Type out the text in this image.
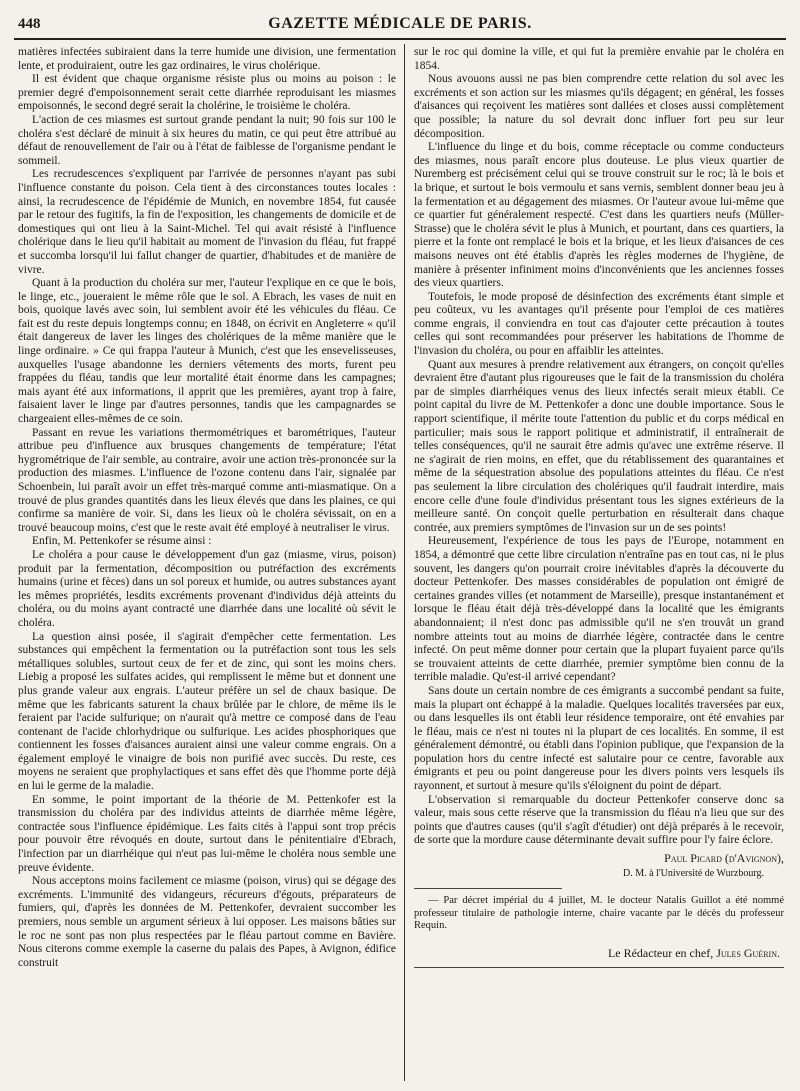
448	GAZETTE MÉDICALE DE PARIS.

matières infectées subiraient dans la terre humide une division, une fermentation lente, et produiraient, outre les gaz ordinaires, le virus cholérique.

Il est évident que chaque organisme résiste plus ou moins au poison : le premier degré d'empoisonnement serait cette diarrhée reproduisant les miasmes empoisonnés, le second degré serait la cholérine, le troisième le choléra.

L'action de ces miasmes est surtout grande pendant la nuit; 90 fois sur 100 le choléra s'est déclaré de minuit à six heures du matin, ce qui peut être attribué au défaut de renouvellement de l'air ou à l'état de faiblesse de l'organisme pendant le sommeil.

Les recrudescences s'expliquent par l'arrivée de personnes n'ayant pas subi l'influence constante du poison. Cela tient à des circonstances toutes locales : ainsi, la recrudescence de l'épidémie de Munich, en novembre 1854, fut causée par le retour des fugitifs, la fin de l'exposition, les changements de domicile et de domestiques qui ont lieu à la Saint-Michel. Tel qui avait résisté à l'influence cholérique dans le lieu qu'il habitait au moment de l'invasion du fléau, fut frappé et succomba lorsqu'il lui fallut changer de quartier, d'habitudes et de manière de vivre.

Quant à la production du choléra sur mer, l'auteur l'explique en ce que le bois, le linge, etc., joueraient le même rôle que le sol. A Ebrach, les vases de nuit en bois, quoique lavés avec soin, lui semblent avoir été les véhicules du fléau. Ce fait est du reste depuis longtemps connu; en 1848, on écrivit en Angleterre « qu'il était dangereux de laver les linges des cholériques de la même manière que le linge ordinaire. » Ce qui frappa l'auteur à Munich, c'est que les ensevelisseuses, auxquelles l'usage abandonne les derniers vêtements des morts, furent peu frappées du fléau, tandis que leur mortalité était énorme dans les campagnes; mais ayant été aux informations, il apprit que les premières, ayant trop à faire, faisaient laver le linge par d'autres personnes, tandis que les campagnardes se chargeaient elles-mêmes de ce soin.

Passant en revue les variations thermométriques et barométriques, l'auteur attribue peu d'influence aux brusques changements de température; l'état hygrométrique de l'air semble, au contraire, avoir une action très-prononcée sur la production des miasmes. L'influence de l'ozone contenu dans l'air, signalée par Schoenbein, lui paraît avoir un effet très-marqué comme anti-miasmatique. On a trouvé de plus grandes quantités dans les lieux élevés que dans les plaines, ce qui confirme sa manière de voir. Si, dans les lieux où le choléra sévissait, on en a trouvé beaucoup moins, c'est que le reste avait été employé à neutraliser le virus.

Enfin, M. Pettenkofer se résume ainsi :

Le choléra a pour cause le développement d'un gaz (miasme, virus, poison) produit par la fermentation, décomposition ou putréfaction des excréments humains (urine et fèces) dans un sol poreux et humide, ou autres substances ayant les mêmes propriétés, lesdits excréments provenant d'individus déjà atteints du choléra, ou du moins ayant contracté une diarrhée dans une localité où sévit le choléra.

La question ainsi posée, il s'agirait d'empêcher cette fermentation. Les substances qui empêchent la fermentation ou la putréfaction sont tous les sels métalliques solubles, surtout ceux de fer et de zinc, qui sont les moins chers. Liebig a proposé les sulfates acides, qui remplissent le même but et donnent une plus grande valeur aux engrais. L'auteur préfère un sel de chaux basique. De même que les fabricants saturent la chaux brûlée par le chlore, de même ils le feraient par l'acide sulfurique; on n'aurait qu'à mettre ce composé dans de l'eau contenant de l'acide chlorhydrique ou sulfurique. Les acides phosphoriques que contiennent les fosses d'aisances auraient ainsi une valeur comme engrais. On a également employé le vinaigre de bois non purifié avec succès. Du reste, ces moyens ne seraient que prophylactiques et sans effet dès que l'homme porte déjà en lui le germe de la maladie.

En somme, le point important de la théorie de M. Pettenkofer est la transmission du choléra par des individus atteints de diarrhée même légère, contractée sous l'influence épidémique. Les faits cités à l'appui sont trop précis pour pouvoir être révoqués en doute, surtout dans le pénitentiaire d'Ebrach, l'infection par un diarrhéique qui n'eut pas lui-même le choléra nous semble une preuve évidente.

Nous acceptons moins facilement ce miasme (poison, virus) qui se dégage des excréments. L'immunité des vidangeurs, récureurs d'égouts, préparateurs de fumiers, qui, d'après les données de M. Pettenkofer, devraient succomber les premiers, nous semble un argument sérieux à lui opposer. Les maisons bâties sur le roc ne sont pas non plus respectées par le fléau partout comme en Bavière. Nous citerons comme exemple la caserne du palais des Papes, à Avignon, édifice construit

sur le roc qui domine la ville, et qui fut la première envahie par le choléra en 1854.

Nous avouons aussi ne pas bien comprendre cette relation du sol avec les excréments et son action sur les miasmes qu'ils dégagent; en général, les fosses d'aisances qui reçoivent les matières sont dallées et closes aussi complètement que possible; la nature du sol devrait donc influer fort peu sur leur décomposition.

L'influence du linge et du bois, comme réceptacle ou comme conducteurs des miasmes, nous paraît encore plus douteuse. Le plus vieux quartier de Nuremberg est précisément celui qui se trouve construit sur le roc; là le bois et la brique, et surtout le bois vermoulu et sans vernis, semblent donner beau jeu à la fermentation et au dégagement des miasmes. Or l'auteur avoue lui-même que ce quartier fut généralement respecté. C'est dans les quartiers neufs (Müller-Strasse) que le choléra sévit le plus à Munich, et pourtant, dans ces quartiers, la pierre et la fonte ont remplacé le bois et la brique, et les lieux d'aisances de ces maisons neuves ont été établis d'après les règles modernes de l'hygiène, de manière à présenter infiniment moins d'inconvénients que les anciennes fosses des vieux quartiers.

Toutefois, le mode proposé de désinfection des excréments étant simple et peu coûteux, vu les avantages qu'il présente pour l'emploi de ces matières comme engrais, il conviendra en tout cas d'ajouter cette précaution à toutes celles qui sont recommandées pour préserver les habitations de l'homme de l'invasion du choléra, ou pour en affaiblir les atteintes.

Quant aux mesures à prendre relativement aux étrangers, on conçoit qu'elles devraient être d'autant plus rigoureuses que le fait de la transmission du choléra par de simples diarrhéiques venus des lieux infectés serait mieux établi. Ce point capital du livre de M. Pettenkofer a donc une double importance. Sous le rapport scientifique, il mérite toute l'attention du public et du corps médical en particulier; mais sous le rapport politique et administratif, il entraînerait de telles conséquences, qu'il ne saurait être admis qu'avec une extrême réserve. Il ne s'agirait de rien moins, en effet, que du rétablissement des quarantaines et même de la séquestration absolue des populations atteintes du fléau. Ce n'est pas seulement la libre circulation des cholériques qu'il faudrait interdire, mais encore celle d'une foule d'individus présentant tous les signes extérieurs de la meilleure santé. On conçoit quelle perturbation en résulterait dans chaque contrée, aux premiers symptômes de l'invasion sur un de ses points!

Heureusement, l'expérience de tous les pays de l'Europe, notamment en 1854, a démontré que cette libre circulation n'entraîne pas en tout cas, ni le plus souvent, les dangers qu'on pourrait croire inévitables d'après la découverte du docteur Pettenkofer. Des masses considérables de population ont émigré de certaines grandes villes (et notamment de Marseille), presque instantanément et lorsque le fléau était déjà très-développé dans la localité que les émigrants abandonnaient; il n'est donc pas admissible qu'il ne s'en trouvât un grand nombre atteints tout au moins de diarrhée légère, contractée dans le centre infecté. On peut même donner pour certain que la plupart fuyaient parce qu'ils se trouvaient atteints de cette diarrhée, premier symptôme bien connu de la terrible maladie. Qu'est-il arrivé cependant?

Sans doute un certain nombre de ces émigrants a succombé pendant sa fuite, mais la plupart ont échappé à la maladie. Quelques localités traversées par eux, ou dans lesquelles ils ont établi leur résidence temporaire, ont été envahies par le fléau, mais ce n'est ni toutes ni la plupart de ces localités. En somme, il est généralement démontré, ou établi dans l'opinion publique, que l'expansion de la population hors du centre infecté est salutaire pour ce centre, favorable aux émigrants et peu ou point dangereuse pour les divers points vers lesquels ils rayonnent, et surtout à mesure qu'ils s'éloignent du point de départ.

L'observation si remarquable du docteur Pettenkofer conserve donc sa valeur, mais sous cette réserve que la transmission du fléau n'a lieu que sur des points que d'autres causes (qu'il s'agît d'étudier) ont déjà préparés à le recevoir, de sorte que la mordure cause déterminante devait suffire pour l'y faire éclore.

Paul Picard (d'Avignon),
D. M. à l'Université de Wurzbourg.

— Par décret impérial du 4 juillet, M. le docteur Natalis Guillot a été nommé professeur titulaire de pathologie interne, chaire vacante par le décès du professeur Requin.

Le Rédacteur en chef, Jules Guérin.
